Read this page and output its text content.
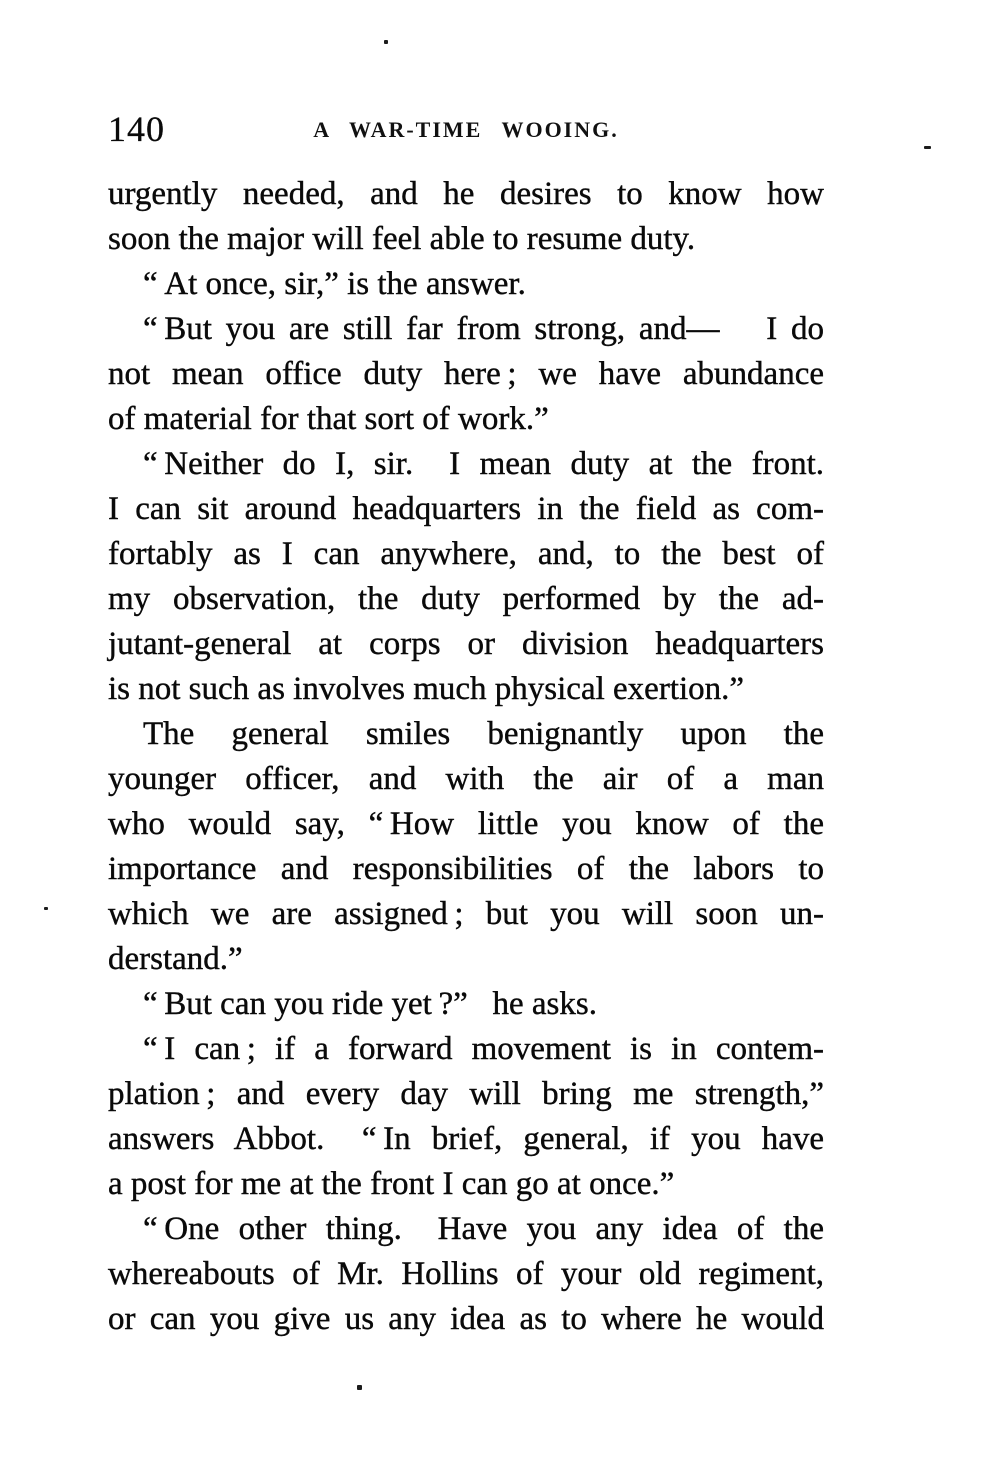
140	A WAR-TIME WOOING.
urgently needed, and he desires to know how
soon the major will feel able to resume duty.
“ At once, sir,” is the answer.
“ But you are still far from strong, and—  I do
not mean office duty here ; we have abundance
of material for that sort of work.”
“ Neither do I, sir.  I mean duty at the front.
I can sit around headquarters in the field as com-
fortably as I can anywhere, and, to the best of
my observation, the duty performed by the ad-
jutant-general at corps or division headquarters
is not such as involves much physical exertion.”
The general smiles benignantly upon the
younger officer, and with the air of a man
who would say, “ How little you know of the
importance and responsibilities of the labors to
which we are assigned ; but you will soon un-
derstand.”
“ But can you ride yet ?”  he asks.
“ I can ; if a forward movement is in contem-
plation ; and every day will bring me strength,”
answers Abbot.  “ In brief, general, if you have
a post for me at the front I can go at once.”
“ One other thing.  Have you any idea of the
whereabouts of Mr. Hollins of your old regiment,
or can you give us any idea as to where he would
